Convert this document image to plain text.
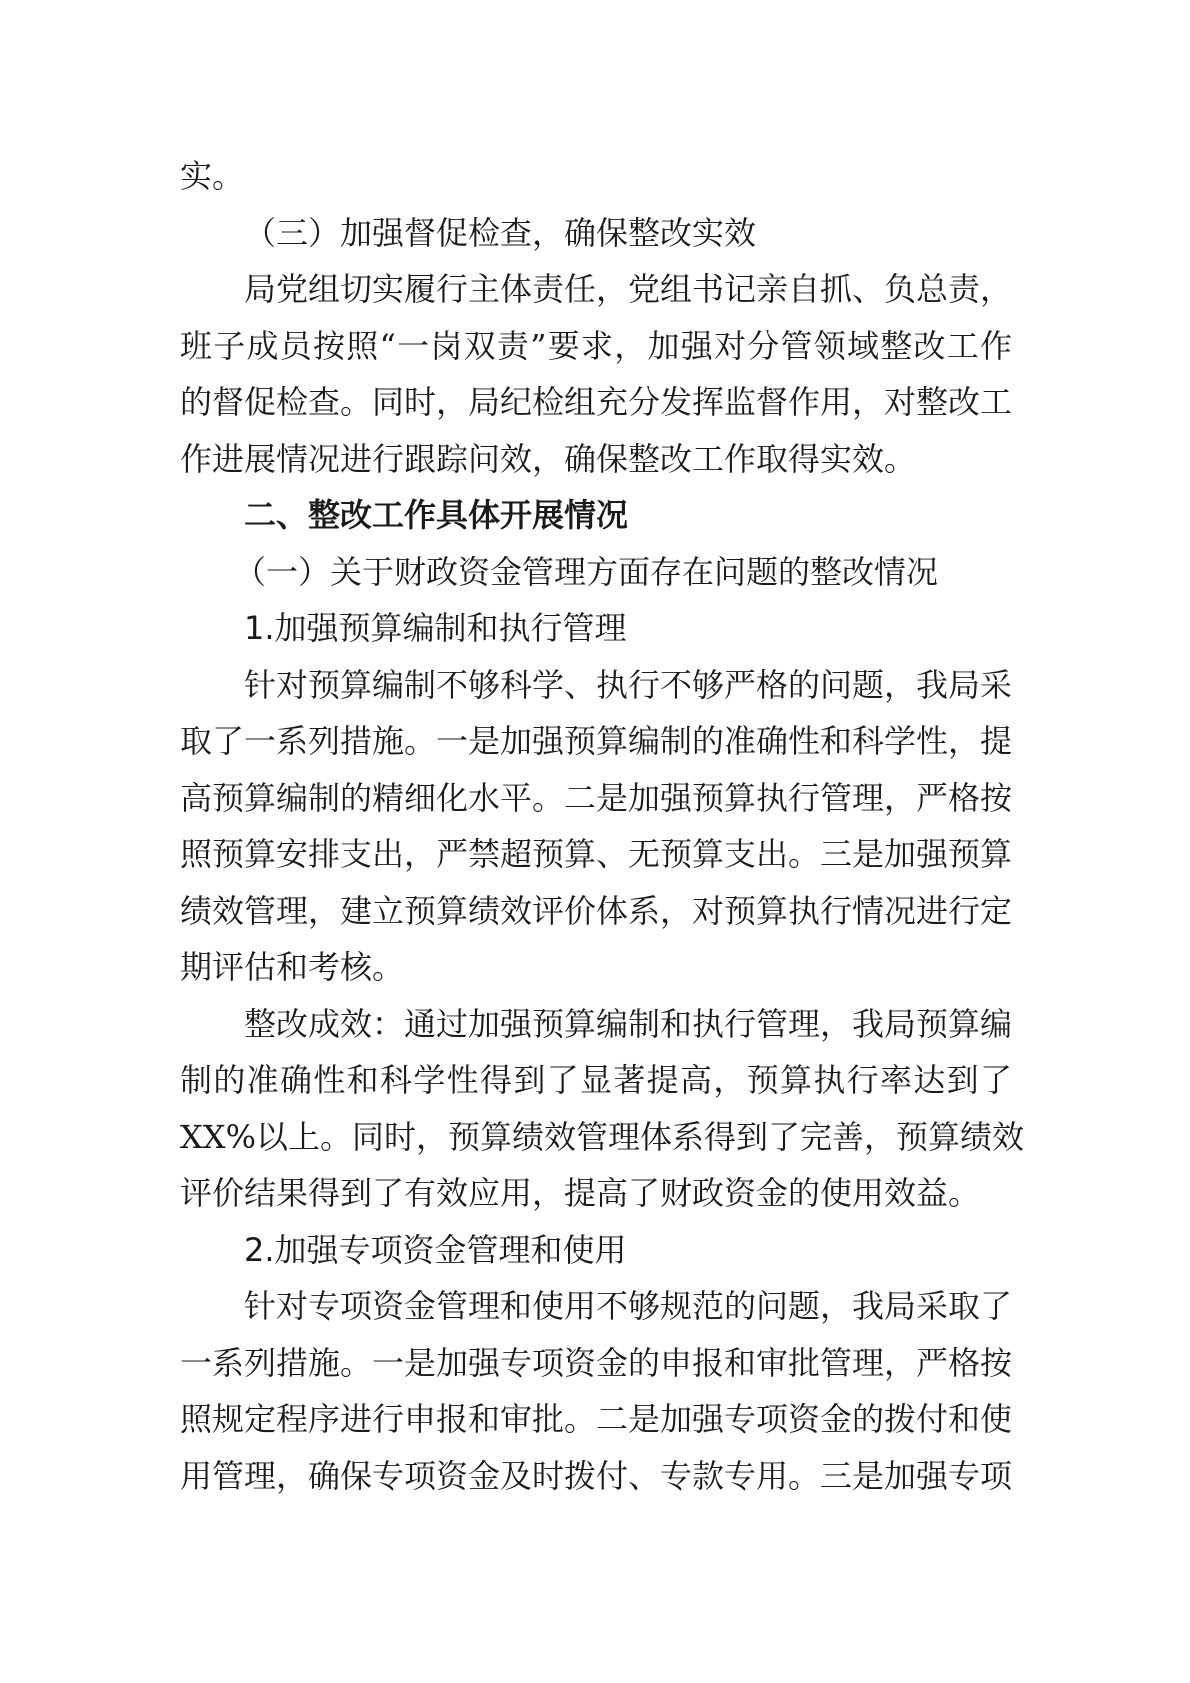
实。
（三）加强督促检查，确保整改实效
局党组切实履行主体责任，党组书记亲自抓、负总责，
班子成员按照“一岗双责”要求，加强对分管领域整改工作
的督促检查。同时，局纪检组充分发挥监督作用，对整改工
作进展情况进行跟踪问效，确保整改工作取得实效。
二、整改工作具体开展情况
（一）关于财政资金管理方面存在问题的整改情况
1.加强预算编制和执行管理
针对预算编制不够科学、执行不够严格的问题，我局采
取了一系列措施。一是加强预算编制的准确性和科学性，提
高预算编制的精细化水平。二是加强预算执行管理，严格按
照预算安排支出，严禁超预算、无预算支出。三是加强预算
绩效管理，建立预算绩效评价体系，对预算执行情况进行定
期评估和考核。
整改成效：通过加强预算编制和执行管理，我局预算编
制的准确性和科学性得到了显著提高，预算执行率达到了
XX%以上。同时，预算绩效管理体系得到了完善，预算绩效
评价结果得到了有效应用，提高了财政资金的使用效益。
2.加强专项资金管理和使用
针对专项资金管理和使用不够规范的问题，我局采取了
一系列措施。一是加强专项资金的申报和审批管理，严格按
照规定程序进行申报和审批。二是加强专项资金的拨付和使
用管理，确保专项资金及时拨付、专款专用。三是加强专项
